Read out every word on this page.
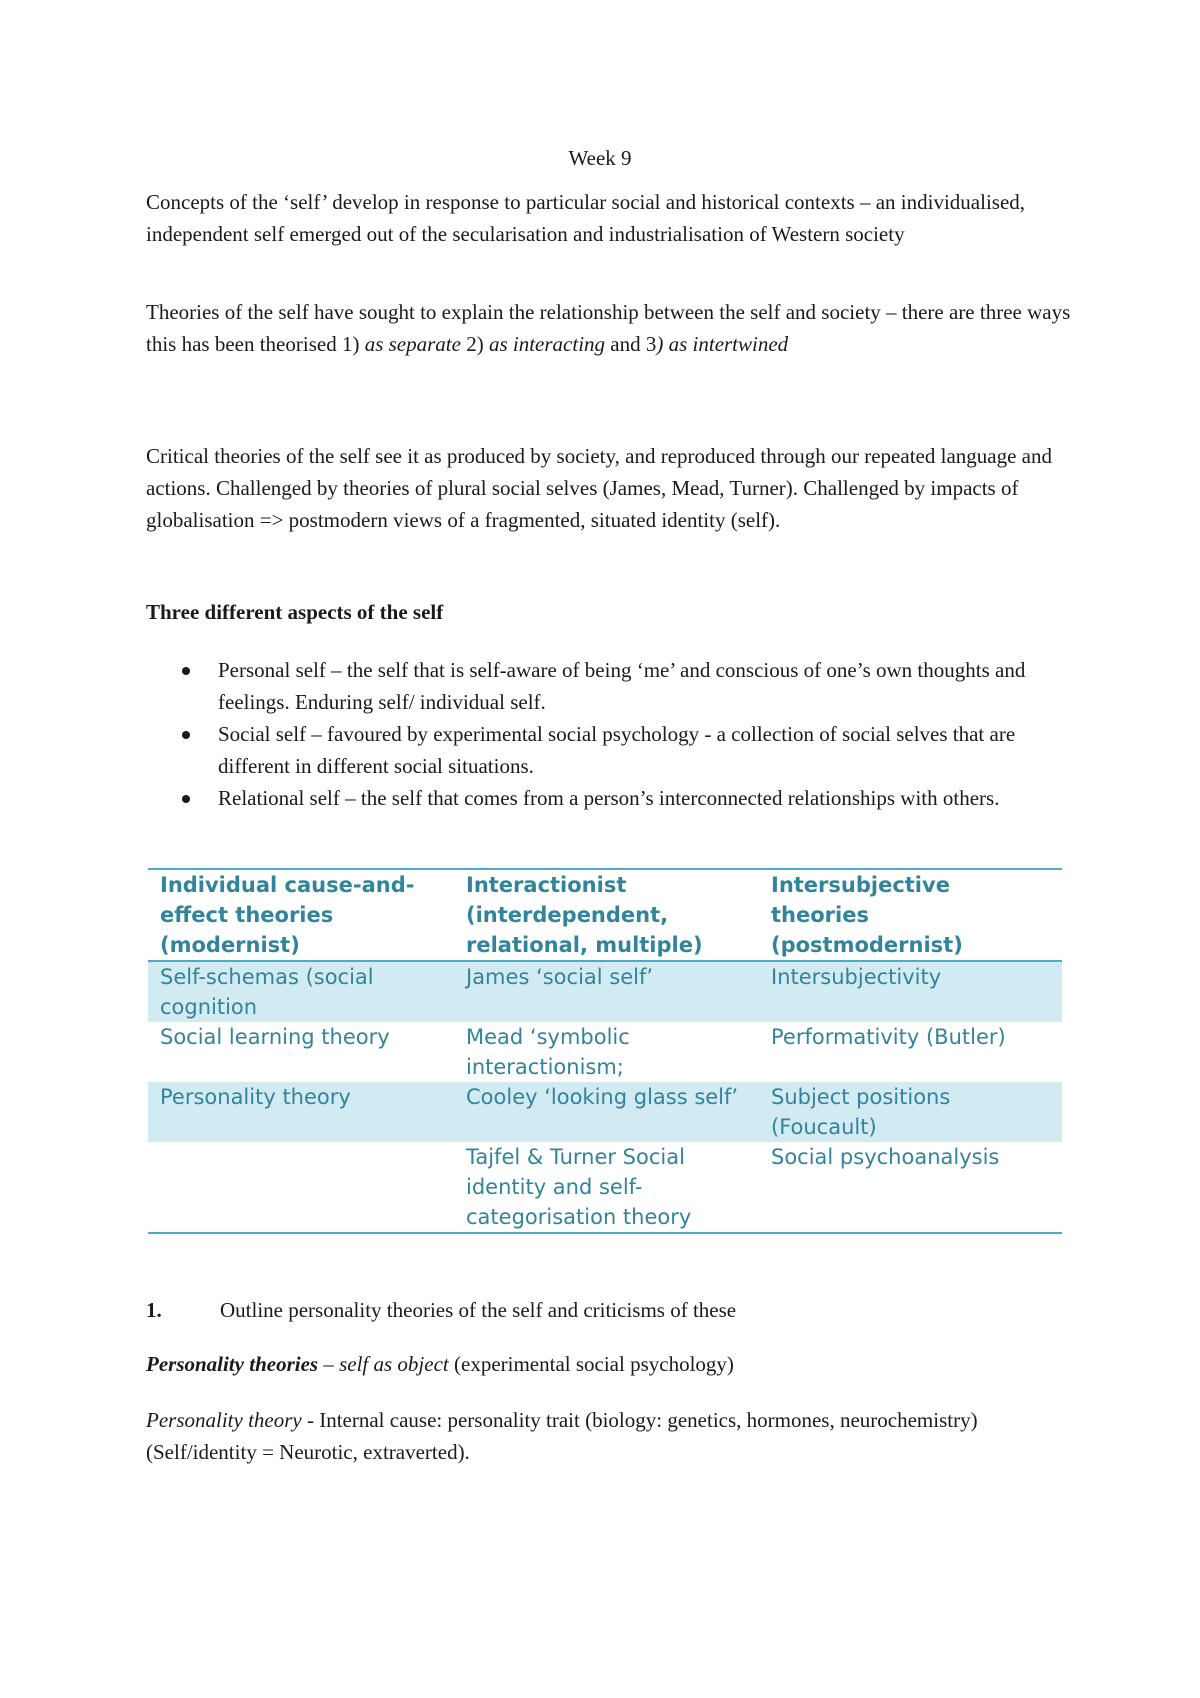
Week 9

Concepts of the ‘self’ develop in response to particular social and historical contexts – an individualised, independent self emerged out of the secularisation and industrialisation of Western society

Theories of the self have sought to explain the relationship between the self and society – there are three ways this has been theorised 1) as separate 2) as interacting and 3) as intertwined

Critical theories of the self see it as produced by society, and reproduced through our repeated language and actions. Challenged by theories of plural social selves (James, Mead, Turner). Challenged by impacts of globalisation => postmodern views of a fragmented, situated identity (self).

Three different aspects of the self
Personal self – the self that is self-aware of being ‘me’ and conscious of one’s own thoughts and feelings. Enduring self/ individual self.
Social self – favoured by experimental social psychology - a collection of social selves that are different in different social situations.
Relational self – the self that comes from a person’s interconnected relationships with others.
Individual cause-and-effect theories (modernist)	Interactionist (interdependent, relational, multiple)	Intersubjective theories (postmodernist)
Self-schemas (social cognition	James ‘social self’	Intersubjectivity
Social learning theory	Mead ‘symbolic interactionism;	Performativity (Butler)
Personality theory	Cooley ‘looking glass self’	Subject positions (Foucault)
	Tajfel & Turner Social identity and self-categorisation theory	Social psychoanalysis
1.	Outline personality theories of the self and criticisms of these

Personality theories – self as object (experimental social psychology)

Personality theory - Internal cause: personality trait (biology: genetics, hormones, neurochemistry) (Self/identity = Neurotic, extraverted).
